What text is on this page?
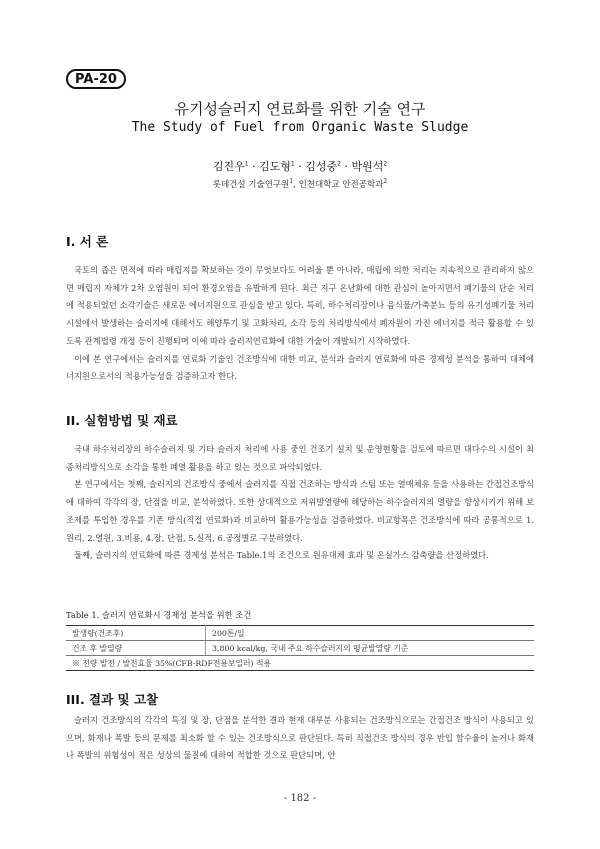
PA-20
유기성슬러지 연료화를 위한 기술 연구
The Study of Fuel from Organic Waste Sludge
김진우$^1$ · 김도형$^1$ · 김성중$^2$ · 박원석$^2$
롯데건설 기술연구원$^1$, 인천대학교 안전공학과$^2$
I. 서 론

국토의 좁은 면적에 따라 매립지를 확보하는 것이 무엇보다도 어려울 뿐 아니라, 매립에 의한 처리는 지속적으로 관리하지 않으면 매립지 자체가 2차 오염원이 되어 환경오염을 유발하게 된다. 최근 지구 온난화에 대한 관심이 높아지면서 폐기물의 단순 처리에 적용되었던 소각기술은 새로운 에너지원으로 관심을 받고 있다. 특히, 하수처리장이나 음식물/가축분뇨 등의 유기성폐기물 처리시설에서 발생하는 슬러지에 대해서도 해양투기 및 고화처리, 소각 등의 처리방식에서 폐자원이 가진 에너지를 적극 활용할 수 있도록 관계법령 개정 등이 진행되며 이에 따라 슬러지연료화에 대한 기술이 개발되기 시작하였다.

이에 본 연구에서는 슬러지를 연료화 기술인 건조방식에 대한 비교, 분석과 슬러지 연료화에 따른 경제성 분석을 통하여 대체에너지원으로서의 적용가능성을 검증하고자 한다.

II. 실험방법 및 재료

국내 하수처리장의 하수슬러지 및 기타 슬러지 처리에 사용 중인 건조기 설치 및 운영현황을 검토에 따르면 대다수의 시설이 최종처리방식으로 소각을 통한 폐열 활용을 하고 있는 것으로 파악되었다.

본 연구에서는 첫째, 슬러지의 건조방식 중에서 슬러지를 직접 건조하는 방식과 스팀 또는 열매체유 등을 사용하는 간접건조방식에 대하여 각각의 장, 단점을 비교, 분석하였다. 또한 상대적으로 저위발열량에 해당하는 하수슬러지의 열량을 향상시키기 위해 보조제를 투입한 경우를 기존 방식(직접 연료화)과 비교하여 활용가능성을 검증하였다. 비교항목은 건조방식에 따라 공통적으로 1.원리, 2.열원, 3.비용, 4.장, 단점, 5.실적, 6.공정별로 구분하였다.

둘째, 슬러지의 연료화에 따른 경제성 분석은 Table.1의 조건으로 원유대체 효과 및 온실가스 감축량을 산정하였다.

Table 1. 슬러지 연료화시 경제성 분석을 위한 조건
발생량(건조후)	200톤/일
건조 후 발열량	3,800 kcal/kg, 국내 주요 하수슬러지의 평균발열량 기준
※ 전량 발전 / 발전효율 35%(CFB-RDF전용보일러) 적용	
III. 결과 및 고찰

슬러지 건조방식의 각각의 특징 및 장, 단점을 분석한 결과 현재 대부분 사용되는 건조방식으로는 간접건조 방식이 사용되고 있으며, 화재나 폭발 등의 문제를 최소화 할 수 있는 건조방식으로 판단된다. 특히 직접건조 방식의 경우 반입 함수율이 높거나 화재나 폭발의 위험성이 적은 성상의 물질에 대하여 적합한 것으로 판단되며, 안

- 182 -
